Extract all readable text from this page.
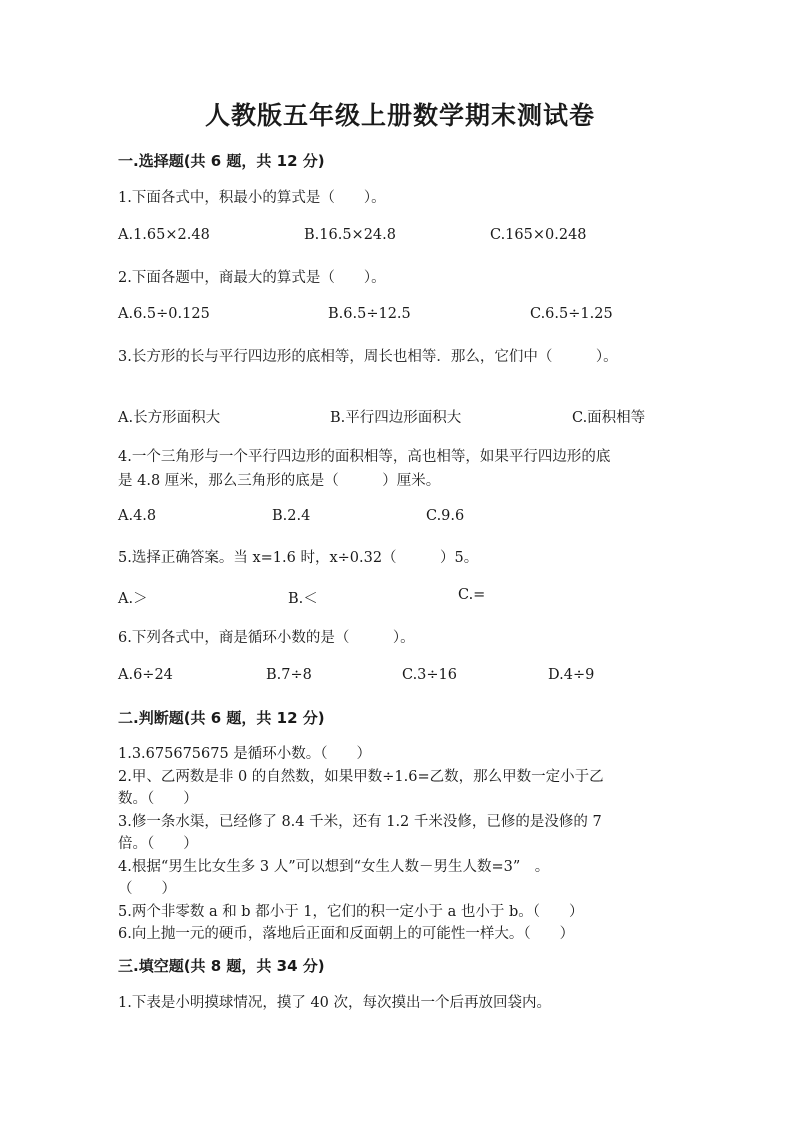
人教版五年级上册数学期末测试卷
一.选择题(共 6 题，共 12 分)
1.下面各式中，积最小的算式是（　　）。
A.1.65×2.48	B.16.5×24.8	C.165×0.248
2.下面各题中，商最大的算式是（　　）。
A.6.5÷0.125	B.6.5÷12.5	C.6.5÷1.25
3.长方形的长与平行四边形的底相等，周长也相等．那么，它们中（　　　）。
A.长方形面积大	B.平行四边形面积大	C.面积相等
4.一个三角形与一个平行四边形的面积相等，高也相等，如果平行四边形的底
是 4.8 厘米，那么三角形的底是（　　　）厘米。
A.4.8	B.2.4	C.9.6
5.选择正确答案。当 x=1.6 时，x÷0.32（　　　）5。
A.＞	B.＜	C.=
6.下列各式中，商是循环小数的是（　　　）。
A.6÷24	B.7÷8	C.3÷16	D.4÷9
二.判断题(共 6 题，共 12 分)
1.3.675675675 是循环小数。（　　）
2.甲、乙两数是非 0 的自然数，如果甲数÷1.6=乙数，那么甲数一定小于乙
数。（　　）
3.修一条水渠，已经修了 8.4 千米，还有 1.2 千米没修，已修的是没修的 7
倍。（　　）
4.根据“男生比女生多 3 人”可以想到“女生人数－男生人数=3”　。
（　　）
5.两个非零数 a 和 b 都小于 1，它们的积一定小于 a 也小于 b。（　　）
6.向上抛一元的硬币，落地后正面和反面朝上的可能性一样大。（　　）
三.填空题(共 8 题，共 34 分)
1.下表是小明摸球情况，摸了 40 次，每次摸出一个后再放回袋内。
